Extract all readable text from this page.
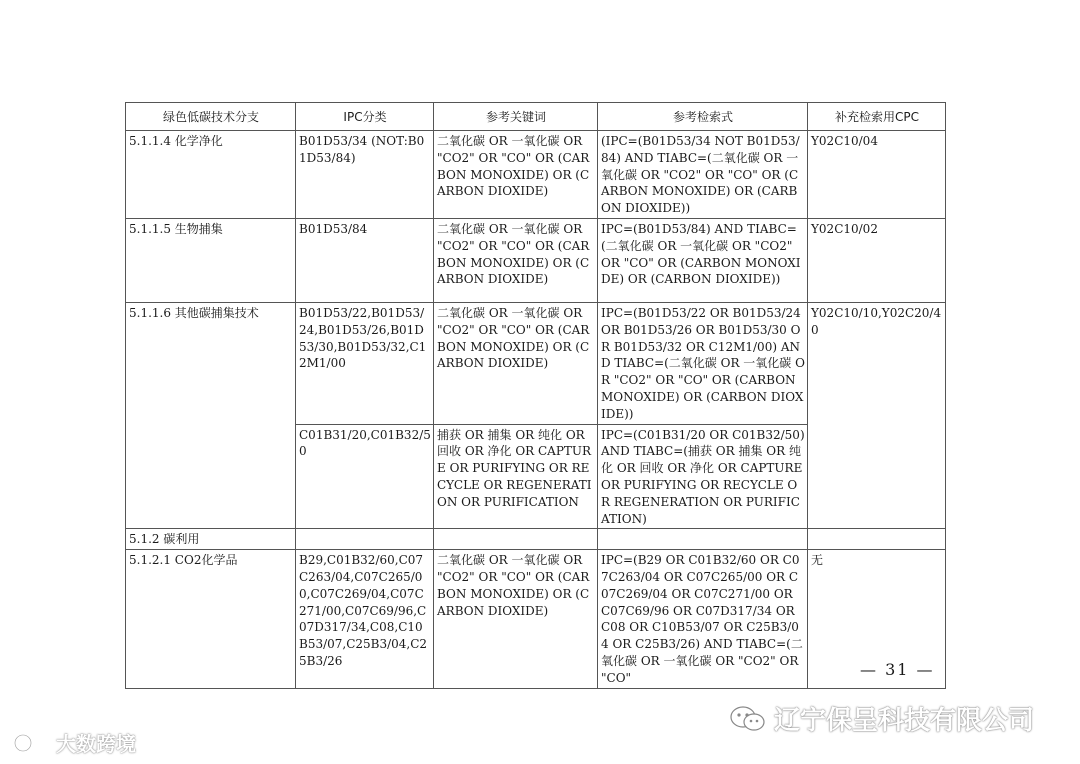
绿色低碳技术分支	IPC分类	参考关键词	参考检索式	补充检索用CPC
5.1.1.4 化学净化	B01D53/34 (NOT:B01D53/84)	二氧化碳 OR 一氧化碳 OR "CO2" OR "CO" OR (CARBON MONOXIDE) OR (CARBON DIOXIDE)	(IPC=(B01D53/34 NOT B01D53/84) AND TIABC=(二氧化碳 OR 一氧化碳 OR "CO2" OR "CO" OR (CARBON MONOXIDE) OR (CARBON DIOXIDE))	Y02C10/04
5.1.1.5 生物捕集	B01D53/84	二氧化碳 OR 一氧化碳 OR "CO2" OR "CO" OR (CARBON MONOXIDE) OR (CARBON DIOXIDE)	IPC=(B01D53/84) AND TIABC=(二氧化碳 OR 一氧化碳 OR "CO2" OR "CO" OR (CARBON MONOXIDE) OR (CARBON DIOXIDE))	Y02C10/02
5.1.1.6 其他碳捕集技术	B01D53/22,B01D53/24,B01D53/26,B01D53/30,B01D53/32,C12M1/00	二氧化碳 OR 一氧化碳 OR "CO2" OR "CO" OR (CARBON MONOXIDE) OR (CARBON DIOXIDE)	IPC=(B01D53/22 OR B01D53/24 OR B01D53/26 OR B01D53/30 OR B01D53/32 OR C12M1/00) AND TIABC=(二氧化碳 OR 一氧化碳 OR "CO2" OR "CO" OR (CARBON MONOXIDE) OR (CARBON DIOXIDE))	Y02C10/10,Y02C20/40
	C01B31/20,C01B32/50	捕获 OR 捕集 OR 纯化 OR 回收 OR 净化 OR CAPTURE OR PURIFYING OR RECYCLE OR REGENERATION OR PURIFICATION	IPC=(C01B31/20 OR C01B32/50) AND TIABC=(捕获 OR 捕集 OR 纯化 OR 回收 OR 净化 OR CAPTURE OR PURIFYING OR RECYCLE OR REGENERATION OR PURIFICATION)	
5.1.2 碳利用				
5.1.2.1 CO2化学品	B29,C01B32/60,C07C263/04,C07C265/00,C07C269/04,C07C271/00,C07C69/96,C07D317/34,C08,C10B53/07,C25B3/04,C25B3/26	二氧化碳 OR 一氧化碳 OR "CO2" OR "CO" OR (CARBON MONOXIDE) OR (CARBON DIOXIDE)	IPC=(B29 OR C01B32/60 OR C07C263/04 OR C07C265/00 OR C07C269/04 OR C07C271/00 OR C07C69/96 OR C07D317/34 OR C08 OR C10B53/07 OR C25B3/04 OR C25B3/26) AND TIABC=(二氧化碳 OR 一氧化碳 OR "CO2" OR "CO"	无
— 31 —
辽宁保呈科技有限公司
大数跨境
